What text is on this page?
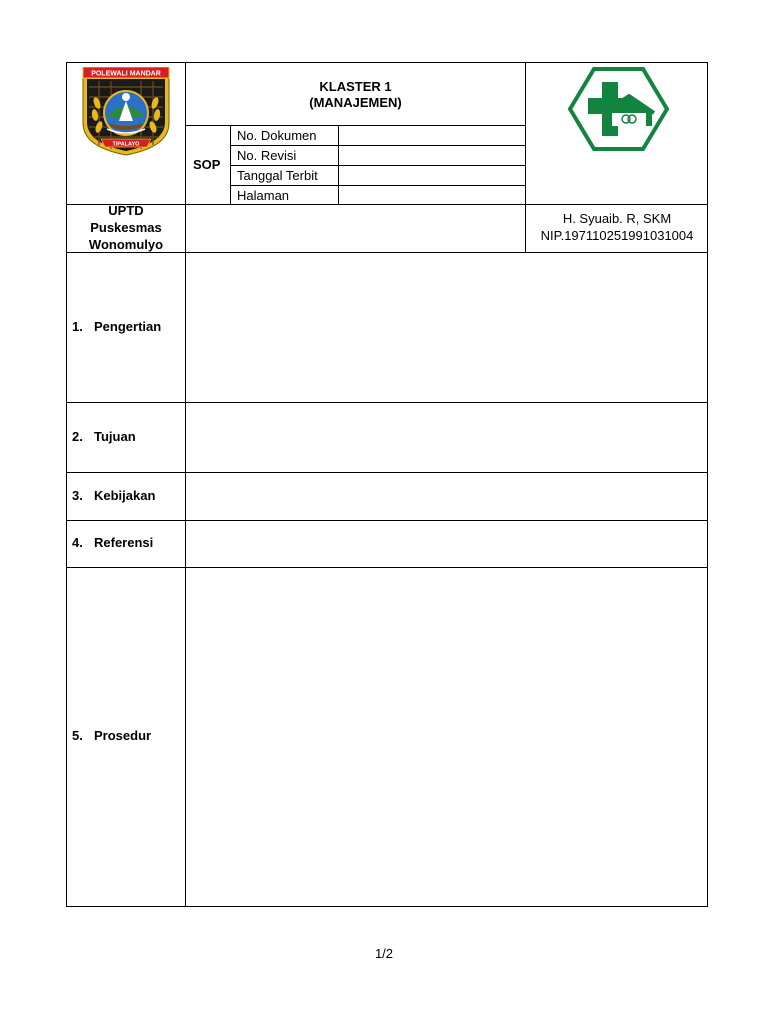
POLEWALI MANDAR
TIPALAYO
KLASTER 1
(MANAJEMEN)
SOP
No. Dokumen
No. Revisi
Tanggal Terbit
Halaman
UPTD
Puskesmas
Wonomulyo
H. Syuaib. R, SKM
NIP.197110251991031004
1. Pengertian
2. Tujuan
3. Kebijakan
4. Referensi
5. Prosedur
1/2
